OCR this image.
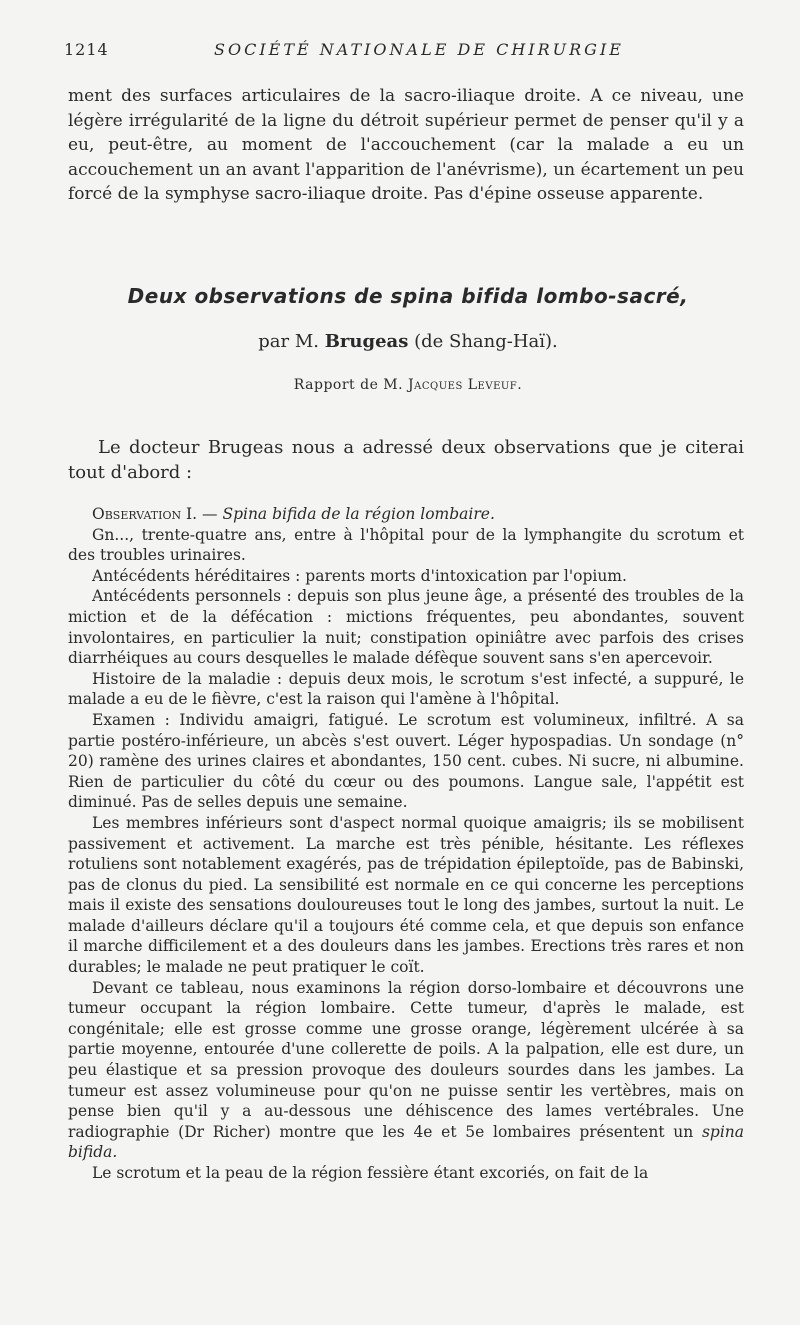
1214	SOCIÉTÉ NATIONALE DE CHIRURGIE

ment des surfaces articulaires de la sacro-iliaque droite. A ce niveau, une légère irrégularité de la ligne du détroit supérieur permet de penser qu'il y a eu, peut-être, au moment de l'accouchement (car la malade a eu un accouchement un an avant l'apparition de l'anévrisme), un écartement un peu forcé de la symphyse sacro-iliaque droite. Pas d'épine osseuse apparente.

Deux observations de spina bifida lombo-sacré,
par M. Brugeas (de Shang-Haï).
Rapport de M. Jacques Leveuf.

Le docteur Brugeas nous a adressé deux observations que je citerai tout d'abord :

Observation I. — Spina bifida de la région lombaire.

Gn..., trente-quatre ans, entre à l'hôpital pour de la lymphangite du scrotum et des troubles urinaires.

Antécédents héréditaires : parents morts d'intoxication par l'opium.

Antécédents personnels : depuis son plus jeune âge, a présenté des troubles de la miction et de la défécation : mictions fréquentes, peu abondantes, souvent involontaires, en particulier la nuit; constipation opiniâtre avec parfois des crises diarrhéiques au cours desquelles le malade défèque souvent sans s'en apercevoir.

Histoire de la maladie : depuis deux mois, le scrotum s'est infecté, a suppuré, le malade a eu de le fièvre, c'est la raison qui l'amène à l'hôpital.

Examen : Individu amaigri, fatigué. Le scrotum est volumineux, infiltré. A sa partie postéro-inférieure, un abcès s'est ouvert. Léger hypospadias. Un sondage (n° 20) ramène des urines claires et abondantes, 150 cent. cubes. Ni sucre, ni albumine. Rien de particulier du côté du cœur ou des poumons. Langue sale, l'appétit est diminué. Pas de selles depuis une semaine.

Les membres inférieurs sont d'aspect normal quoique amaigris; ils se mobilisent passivement et activement. La marche est très pénible, hésitante. Les réflexes rotuliens sont notablement exagérés, pas de trépidation épileptoïde, pas de Babinski, pas de clonus du pied. La sensibilité est normale en ce qui concerne les perceptions mais il existe des sensations douloureuses tout le long des jambes, surtout la nuit. Le malade d'ailleurs déclare qu'il a toujours été comme cela, et que depuis son enfance il marche difficilement et a des douleurs dans les jambes. Erections très rares et non durables; le malade ne peut pratiquer le coït.

Devant ce tableau, nous examinons la région dorso-lombaire et découvrons une tumeur occupant la région lombaire. Cette tumeur, d'après le malade, est congénitale; elle est grosse comme une grosse orange, légèrement ulcérée à sa partie moyenne, entourée d'une collerette de poils. A la palpation, elle est dure, un peu élastique et sa pression provoque des douleurs sourdes dans les jambes. La tumeur est assez volumineuse pour qu'on ne puisse sentir les vertèbres, mais on pense bien qu'il y a au-dessous une déhiscence des lames vertébrales. Une radiographie (Dr Richer) montre que les 4e et 5e lombaires présentent un spina bifida.

Le scrotum et la peau de la région fessière étant excoriés, on fait de la
